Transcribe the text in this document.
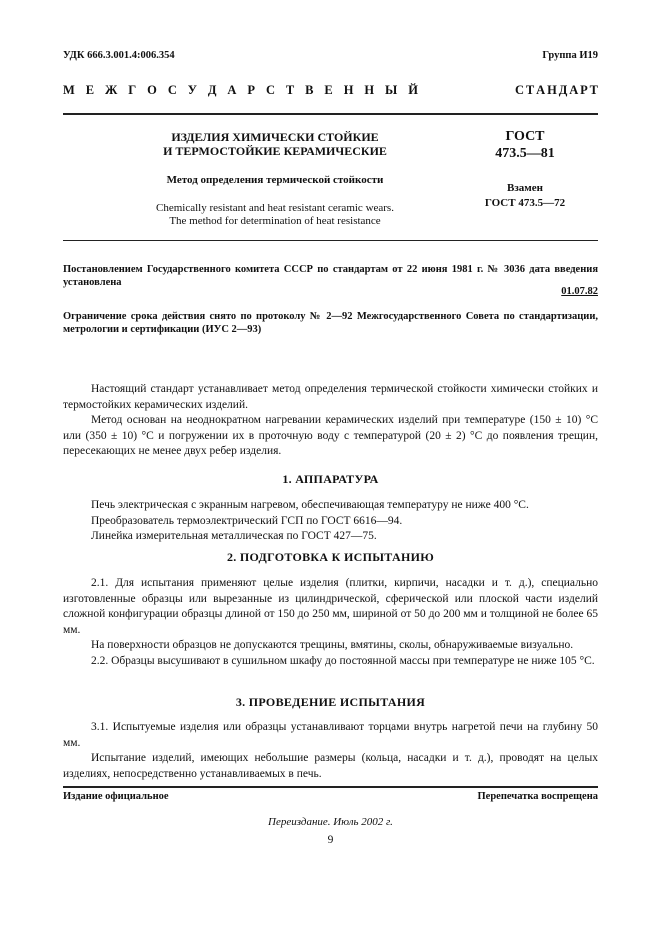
УДК 666.3.001.4:006.354	Группа И19
М Е Ж Г О С У Д А Р С Т В Е Н Н Ы Й	С Т А Н Д А Р Т
ИЗДЕЛИЯ ХИМИЧЕСКИ СТОЙКИЕ
И ТЕРМОСТОЙКИЕ КЕРАМИЧЕСКИЕ
Метод определения термической стойкости
Chemically resistant and heat resistant ceramic wears.
The method for determination of heat resistance
ГОСТ
473.5—81
Взамен
ГОСТ 473.5—72
Постановлением Государственного комитета СССР по стандартам от 22 июня 1981 г. № 3036 дата введения установлена
01.07.82
Ограничение срока действия снято по протоколу № 2—92 Межгосударственного Совета по стандартизации, метрологии и сертификации (ИУС 2—93)
Настоящий стандарт устанавливает метод определения термической стойкости химически стойких и термостойких керамических изделий.
Метод основан на неоднократном нагревании керамических изделий при температуре (150 ± 10) °С или (350 ± 10) °С и погружении их в проточную воду с температурой (20 ± 2) °С до появления трещин, пересекающих не менее двух ребер изделия.
1. АППАРАТУРА
Печь электрическая с экранным нагревом, обеспечивающая температуру не ниже 400 °С.
Преобразователь термоэлектрический ГСП по ГОСТ 6616—94.
Линейка измерительная металлическая по ГОСТ 427—75.
2. ПОДГОТОВКА К ИСПЫТАНИЮ
2.1. Для испытания применяют целые изделия (плитки, кирпичи, насадки и т. д.), специально изготовленные образцы или вырезанные из цилиндрической, сферической или плоской части изделий сложной конфигурации образцы длиной от 150 до 250 мм, шириной от 50 до 200 мм и толщиной не более 65 мм.
На поверхности образцов не допускаются трещины, вмятины, сколы, обнаруживаемые визуально.
2.2. Образцы высушивают в сушильном шкафу до постоянной массы при температуре не ниже 105 °С.
3. ПРОВЕДЕНИЕ ИСПЫТАНИЯ
3.1. Испытуемые изделия или образцы устанавливают торцами внутрь нагретой печи на глубину 50 мм.
Испытание изделий, имеющих небольшие размеры (кольца, насадки и т. д.), проводят на целых изделиях, непосредственно устанавливаемых в печь.
Издание официальное	Перепечатка воспрещена
Переиздание. Июль 2002 г.
9
